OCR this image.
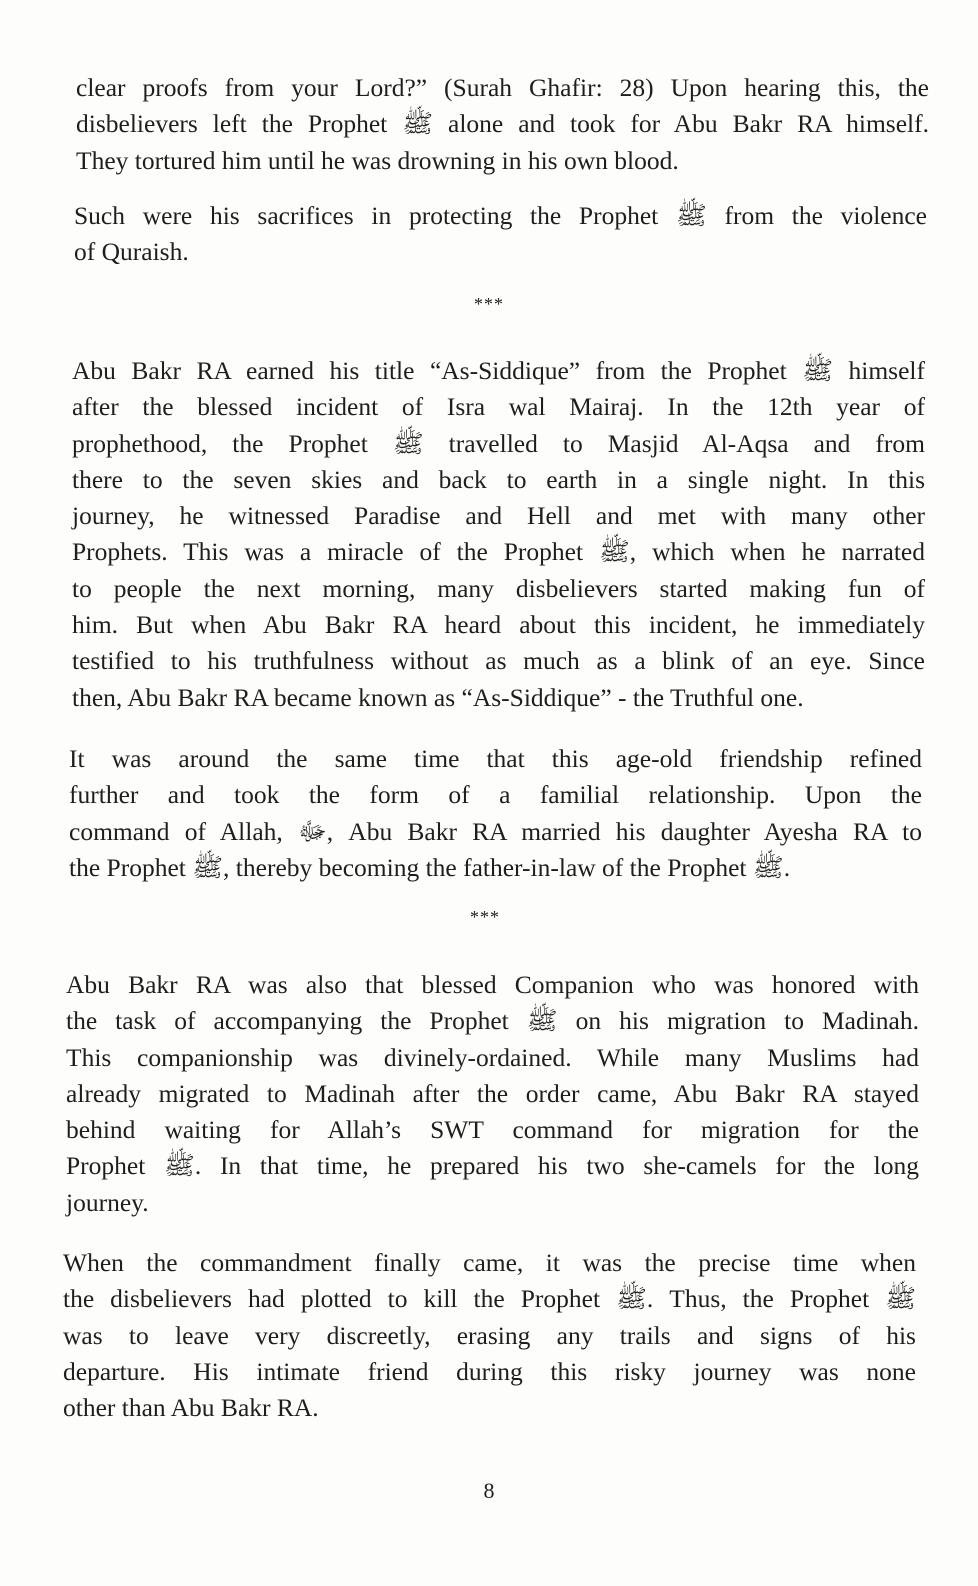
clear proofs from your Lord?” (Surah Ghafir: 28) Upon hearing this, the
disbelievers left the Prophet ﷺ alone and took for Abu Bakr RA himself.
They tortured him until he was drowning in his own blood.
Such were his sacrifices in protecting the Prophet ﷺ from the violence
of Quraish.
***
Abu Bakr RA earned his title “As-Siddique” from the Prophet ﷺ himself
after the blessed incident of Isra wal Mairaj. In the 12th year of
prophethood, the Prophet ﷺ travelled to Masjid Al-Aqsa and from
there to the seven skies and back to earth in a single night. In this
journey, he witnessed Paradise and Hell and met with many other
Prophets. This was a miracle of the Prophet ﷺ, which when he narrated
to people the next morning, many disbelievers started making fun of
him. But when Abu Bakr RA heard about this incident, he immediately
testified to his truthfulness without as much as a blink of an eye. Since
then, Abu Bakr RA became known as “As-Siddique” - the Truthful one.
It was around the same time that this age-old friendship refined
further and took the form of a familial relationship. Upon the
command of Allah, ﷻ, Abu Bakr RA married his daughter Ayesha RA to
the Prophet ﷺ, thereby becoming the father-in-law of the Prophet ﷺ.
***
Abu Bakr RA was also that blessed Companion who was honored with
the task of accompanying the Prophet ﷺ on his migration to Madinah.
This companionship was divinely-ordained. While many Muslims had
already migrated to Madinah after the order came, Abu Bakr RA stayed
behind waiting for Allah’s SWT command for migration for the
Prophet ﷺ. In that time, he prepared his two she-camels for the long
journey.
When the commandment finally came, it was the precise time when
the disbelievers had plotted to kill the Prophet ﷺ. Thus, the Prophet ﷺ
was to leave very discreetly, erasing any trails and signs of his
departure. His intimate friend during this risky journey was none
other than Abu Bakr RA.
8
